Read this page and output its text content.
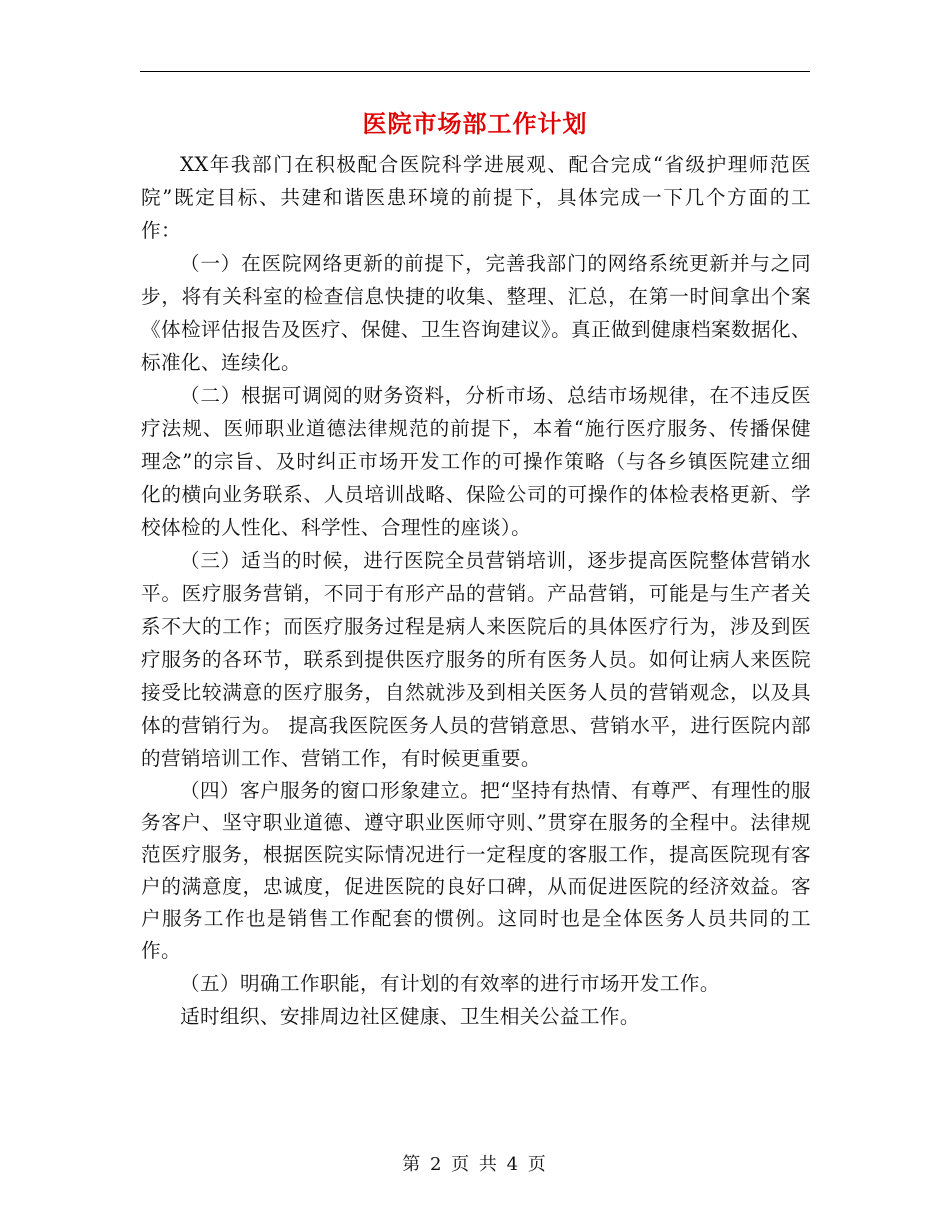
医院市场部工作计划

XX年我部门在积极配合医院科学进展观、配合完成“省级护理师范医院”既定目标、共建和谐医患环境的前提下，具体完成一下几个方面的工作：

（一）在医院网络更新的前提下，完善我部门的网络系统更新并与之同步，将有关科室的检查信息快捷的收集、整理、汇总，在第一时间拿出个案《体检评估报告及医疗、保健、卫生咨询建议》。真正做到健康档案数据化、标准化、连续化。

（二）根据可调阅的财务资料，分析市场、总结市场规律，在不违反医疗法规、医师职业道德法律规范的前提下，本着“施行医疗服务、传播保健理念”的宗旨、及时纠正市场开发工作的可操作策略（与各乡镇医院建立细化的横向业务联系、人员培训战略、保险公司的可操作的体检表格更新、学校体检的人性化、科学性、合理性的座谈）。

（三）适当的时候，进行医院全员营销培训，逐步提高医院整体营销水平。医疗服务营销，不同于有形产品的营销。产品营销，可能是与生产者关系不大的工作；而医疗服务过程是病人来医院后的具体医疗行为，涉及到医疗服务的各环节，联系到提供医疗服务的所有医务人员。如何让病人来医院接受比较满意的医疗服务，自然就涉及到相关医务人员的营销观念，以及具体的营销行为。 提高我医院医务人员的营销意思、营销水平，进行医院内部的营销培训工作、营销工作，有时候更重要。

（四）客户服务的窗口形象建立。把“坚持有热情、有尊严、有理性的服务客户、坚守职业道德、遵守职业医师守则、”贯穿在服务的全程中。法律规范医疗服务，根据医院实际情况进行一定程度的客服工作，提高医院现有客户的满意度，忠诚度，促进医院的良好口碑，从而促进医院的经济效益。客户服务工作也是销售工作配套的惯例。这同时也是全体医务人员共同的工作。

（五）明确工作职能，有计划的有效率的进行市场开发工作。

适时组织、安排周边社区健康、卫生相关公益工作。

第 2 页 共 4 页
